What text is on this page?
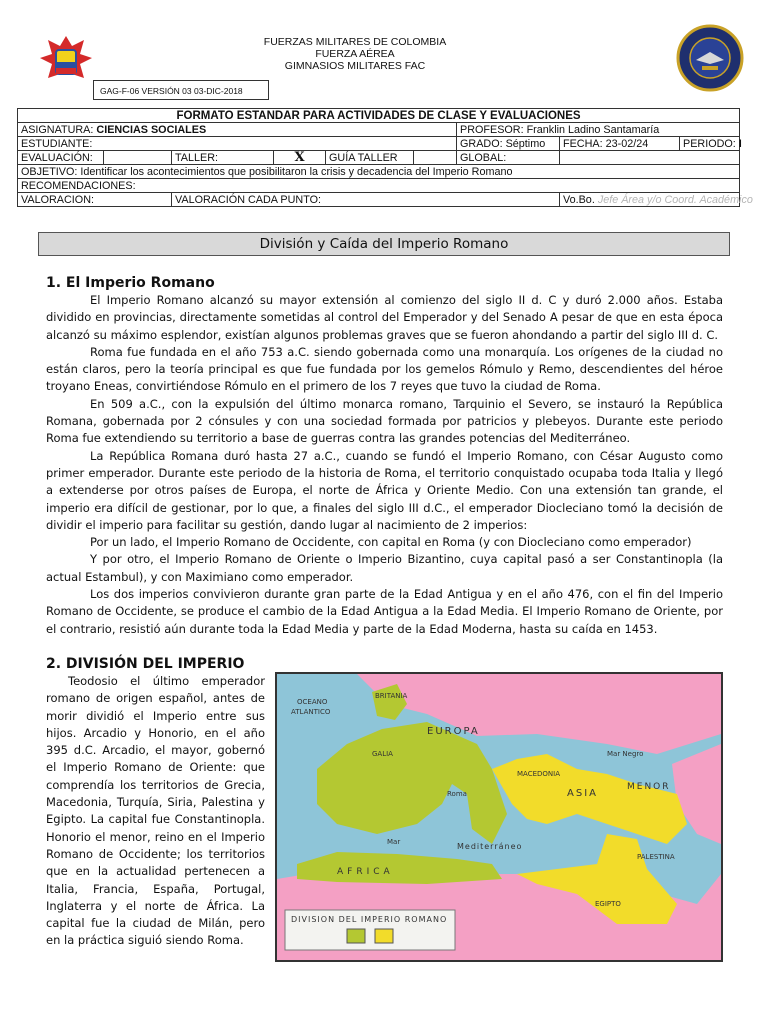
FUERZAS MILITARES DE COLOMBIA
FUERZA AÉREA
GIMNASIOS MILITARES FAC
GAG-F-06 VERSIÓN 03 03-DIC-2018
FORMATO ESTANDAR PARA ACTIVIDADES DE CLASE Y EVALUACIONES								
ASIGNATURA: CIENCIAS SOCIALES						PROFESOR: Franklin Ladino Santamaría		
ESTUDIANTE:						GRADO: Séptimo	FECHA: 23-02/24	PERIODO: I
EVALUACIÓN:		TALLER:	X	GUÍA TALLER		GLOBAL:		
OBJETIVO: Identificar los acontecimientos que posibilitaron la crisis y decadencia del Imperio Romano								
RECOMENDACIONES:								
VALORACION:		VALORACIÓN CADA PUNTO:					Vo.Bo. Jefe Área y/o Coord. Académico	
División y Caída del Imperio Romano
1. El Imperio Romano

El Imperio Romano alcanzó su mayor extensión al comienzo del siglo II d. C y duró 2.000 años. Estaba dividido en provincias, directamente sometidas al control del Emperador y del Senado A pesar de que en esta época alcanzó su máximo esplendor, existían algunos problemas graves que se fueron ahondando a partir del siglo III d. C.

Roma fue fundada en el año 753 a.C. siendo gobernada como una monarquía. Los orígenes de la ciudad no están claros, pero la teoría principal es que fue fundada por los gemelos Rómulo y Remo, descendientes del héroe troyano Eneas, convirtiéndose Rómulo en el primero de los 7 reyes que tuvo la ciudad de Roma.

En 509 a.C., con la expulsión del último monarca romano, Tarquinio el Severo, se instauró la República Romana, gobernada por 2 cónsules y con una sociedad formada por patricios y plebeyos. Durante este periodo Roma fue extendiendo su territorio a base de guerras contra las grandes potencias del Mediterráneo.

La República Romana duró hasta 27 a.C., cuando se fundó el Imperio Romano, con César Augusto como primer emperador. Durante este periodo de la historia de Roma, el territorio conquistado ocupaba toda Italia y llegó a extenderse por otros países de Europa, el norte de África y Oriente Medio. Con una extensión tan grande, el imperio era difícil de gestionar, por lo que, a finales del siglo III d.C., el emperador Diocleciano tomó la decisión de dividir el imperio para facilitar su gestión, dando lugar al nacimiento de 2 imperios:

Por un lado, el Imperio Romano de Occidente, con capital en Roma (y con Diocleciano como emperador)

Y por otro, el Imperio Romano de Oriente o Imperio Bizantino, cuya capital pasó a ser Constantinopla (la actual Estambul), y con Maximiano como emperador.

Los dos imperios convivieron durante gran parte de la Edad Antigua y en el año 476, con el fin del Imperio Romano de Occidente, se produce el cambio de la Edad Antigua a la Edad Media. El Imperio Romano de Oriente, por el contrario, resistió aún durante toda la Edad Media y parte de la Edad Moderna, hasta su caída en 1453.

2. DIVISIÓN DEL IMPERIO

Teodosio el último emperador romano de origen español, antes de morir dividió el Imperio entre sus hijos. Arcadio y Honorio, en el año 395 d.C. Arcadio, el mayor, gobernó el Imperio Romano de Oriente: que comprendía los territorios de Grecia, Macedonia, Turquía, Siria, Palestina y Egipto. La capital fue Constantinopla. Honorio el menor, reino en el Imperio Romano de Occidente; los territorios que en la actualidad pertenecen a Italia, Francia, España, Portugal, Inglaterra y el norte de África. La capital fue la ciudad de Milán, pero en la práctica siguió siendo Roma.

OCEANO
ATLANTICO
BRITANIA
EUROPA
GALIA
Roma
MACEDONIA
Mar Negro
ASIA
MENOR
Mar	Mediterráneo
AFRICA
PALESTINA
EGIPTO
DIVISION DEL IMPERIO ROMANO
